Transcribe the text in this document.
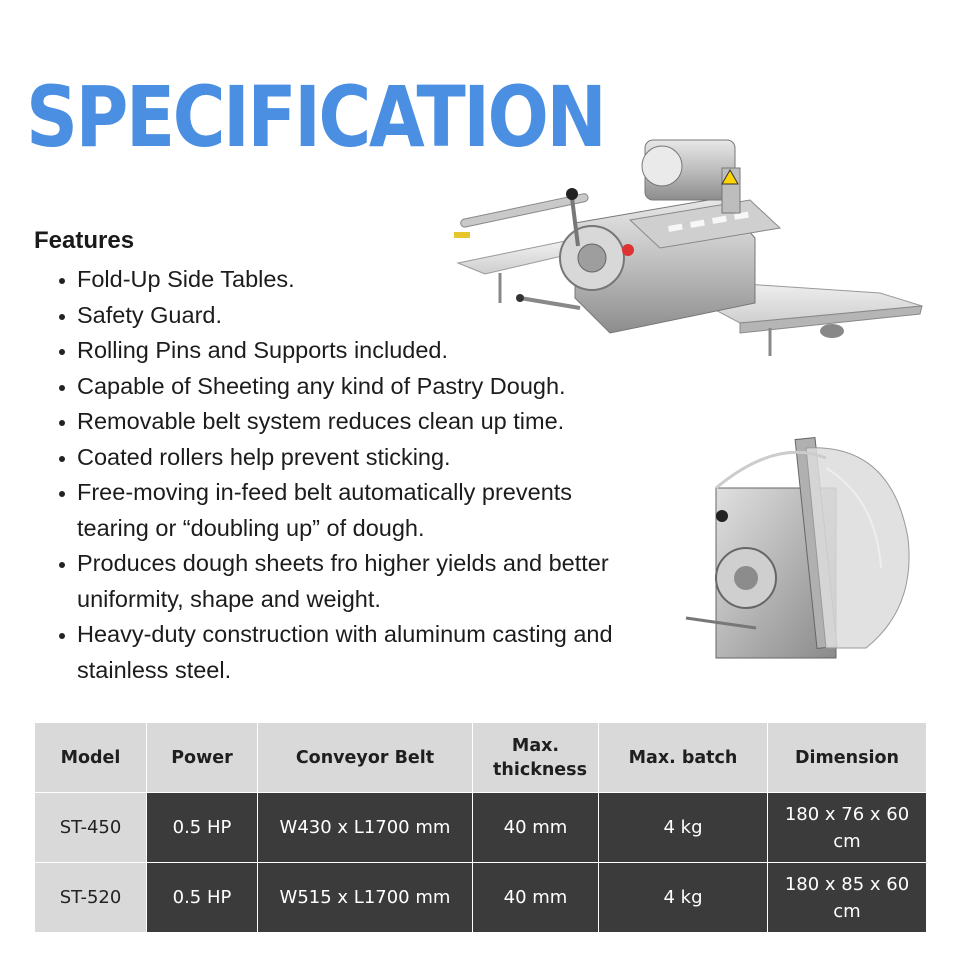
SPECIFICATION
Features
Fold-Up Side Tables.
Safety Guard.
Rolling Pins and Supports included.
Capable of Sheeting any kind of Pastry Dough.
Removable belt system reduces clean up time.
Coated rollers help prevent sticking.
Free-moving in-feed belt automatically prevents tearing or “doubling up” of dough.
Produces dough sheets fro higher yields and better uniformity, shape and weight.
Heavy-duty construction with aluminum casting and stainless steel.
Model	Power	Conveyor Belt	Max. thickness	Max. batch	Dimension
ST-450	0.5 HP	W430 x L1700 mm	40 mm	4 kg	180 x 76 x 60 cm
ST-520	0.5 HP	W515 x L1700 mm	40 mm	4 kg	180 x 85 x 60 cm
